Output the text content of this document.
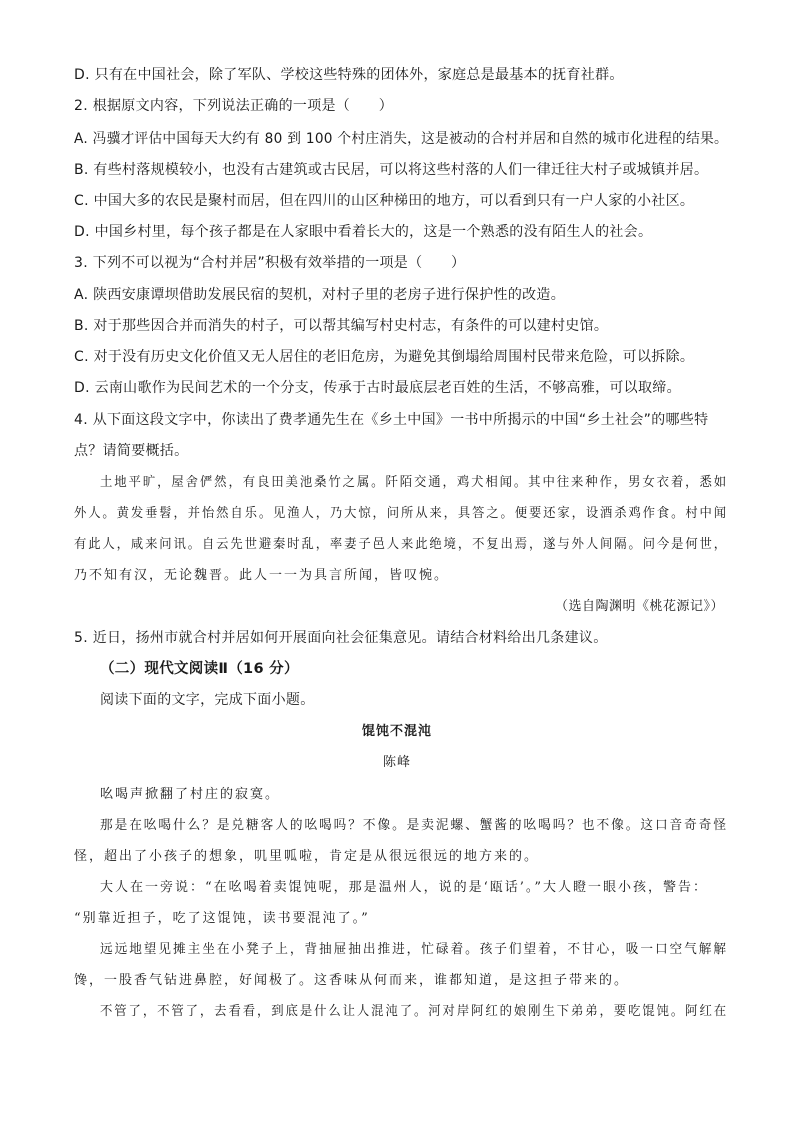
D. 只有在中国社会，除了军队、学校这些特殊的团体外，家庭总是最基本的抚育社群。
2. 根据原文内容，下列说法正确的一项是（　　）
A. 冯骥才评估中国每天大约有 80 到 100 个村庄消失，这是被动的合村并居和自然的城市化进程的结果。
B. 有些村落规模较小，也没有古建筑或古民居，可以将这些村落的人们一律迁往大村子或城镇并居。
C. 中国大多的农民是聚村而居，但在四川的山区种梯田的地方，可以看到只有一户人家的小社区。
D. 中国乡村里，每个孩子都是在人家眼中看着长大的，这是一个熟悉的没有陌生人的社会。
3. 下列不可以视为“合村并居”积极有效举措的一项是（　　）
A. 陕西安康谭坝借助发展民宿的契机，对村子里的老房子进行保护性的改造。
B. 对于那些因合并而消失的村子，可以帮其编写村史村志，有条件的可以建村史馆。
C. 对于没有历史文化价值又无人居住的老旧危房，为避免其倒塌给周围村民带来危险，可以拆除。
D. 云南山歌作为民间艺术的一个分支，传承于古时最底层老百姓的生活，不够高雅，可以取缔。
4. 从下面这段文字中，你读出了费孝通先生在《乡土中国》一书中所揭示的中国“乡土社会”的哪些特
点？请简要概括。
土地平旷，屋舍俨然，有良田美池桑竹之属。阡陌交通，鸡犬相闻。其中往来种作，男女衣着，悉如
外人。黄发垂髫，并怡然自乐。见渔人，乃大惊，问所从来，具答之。便要还家，设酒杀鸡作食。村中闻
有此人，咸来问讯。自云先世避秦时乱，率妻子邑人来此绝境，不复出焉，遂与外人间隔。问今是何世，
乃不知有汉，无论魏晋。此人一一为具言所闻，皆叹惋。
（选自陶渊明《桃花源记》）
5. 近日，扬州市就合村并居如何开展面向社会征集意见。请结合材料给出几条建议。
（二）现代文阅读Ⅱ（16 分）
阅读下面的文字，完成下面小题。
馄饨不混沌
陈峰
吆喝声掀翻了村庄的寂寞。
那是在吆喝什么？是兑糖客人的吆喝吗？不像。是卖泥螺、蟹酱的吆喝吗？也不像。这口音奇奇怪
怪，超出了小孩子的想象，叽里呱啦，肯定是从很远很远的地方来的。
大人在一旁说：“在吆喝着卖馄饨呢，那是温州人，说的是‘瓯话’。”大人瞪一眼小孩，警告：
“别靠近担子，吃了这馄饨，读书要混沌了。”
远远地望见摊主坐在小凳子上，背抽屉抽出推进，忙碌着。孩子们望着，不甘心，吸一口空气解解
馋，一股香气钻进鼻腔，好闻极了。这香味从何而来，谁都知道，是这担子带来的。
不管了，不管了，去看看，到底是什么让人混沌了。河对岸阿红的娘刚生下弟弟，要吃馄饨。阿红在
